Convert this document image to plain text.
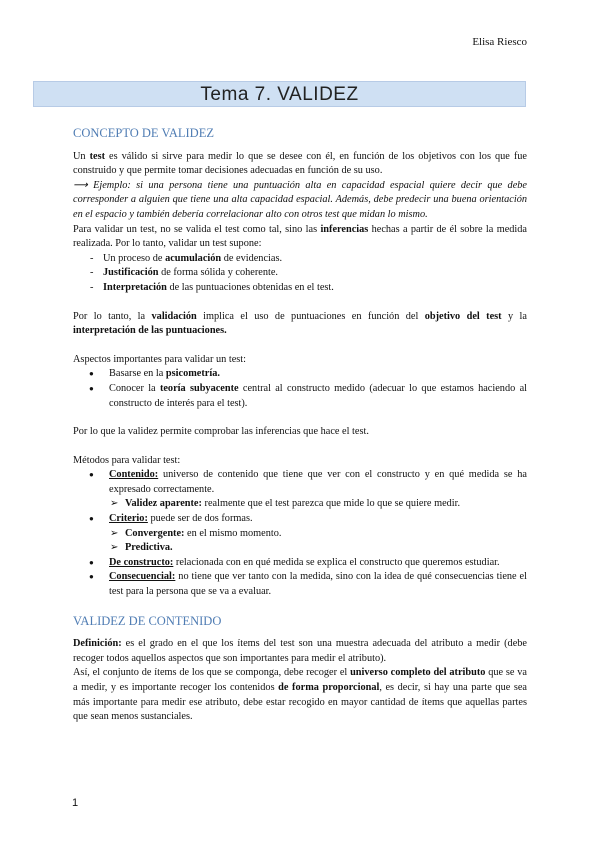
Elisa Riesco
Tema 7. VALIDEZ
CONCEPTO DE VALIDEZ

Un test es válido si sirve para medir lo que se desee con él, en función de los objetivos con los que fue construido y que permite tomar decisiones adecuadas en función de su uso.

⟶ Ejemplo: si una persona tiene una puntuación alta en capacidad espacial quiere decir que debe corresponder a alguien que tiene una alta capacidad espacial. Además, debe predecir una buena orientación en el espacio y también debería correlacionar alto con otros test que midan lo mismo.

Para validar un test, no se valida el test como tal, sino las inferencias hechas a partir de él sobre la medida realizada. Por lo tanto, validar un test supone:

- Un proceso de acumulación de evidencias.
- Justificación de forma sólida y coherente.
- Interpretación de las puntuaciones obtenidas en el test.

Por lo tanto, la validación implica el uso de puntuaciones en función del objetivo del test y la interpretación de las puntuaciones.

Aspectos importantes para validar un test:

● Basarse en la psicometría.
● Conocer la teoría subyacente central al constructo medido (adecuar lo que estamos haciendo al constructo de interés para el test).

Por lo que la validez permite comprobar las inferencias que hace el test.

Métodos para validar test:

● Contenido: universo de contenido que tiene que ver con el constructo y en qué medida se ha expresado correctamente.
➢ Validez aparente: realmente que el test parezca que mide lo que se quiere medir.
● Criterio: puede ser de dos formas.
➢ Convergente: en el mismo momento.
➢ Predictiva.
● De constructo: relacionada con en qué medida se explica el constructo que queremos estudiar.
● Consecuencial: no tiene que ver tanto con la medida, sino con la idea de qué consecuencias tiene el test para la persona que se va a evaluar.
VALIDEZ DE CONTENIDO

Definición: es el grado en el que los ítems del test son una muestra adecuada del atributo a medir (debe recoger todos aquellos aspectos que son importantes para medir el atributo).

Así, el conjunto de ítems de los que se componga, debe recoger el universo completo del atributo que se va a medir, y es importante recoger los contenidos de forma proporcional, es decir, si hay una parte que sea más importante para medir ese atributo, debe estar recogido en mayor cantidad de ítems que aquellas partes que sean menos sustanciales.

1
